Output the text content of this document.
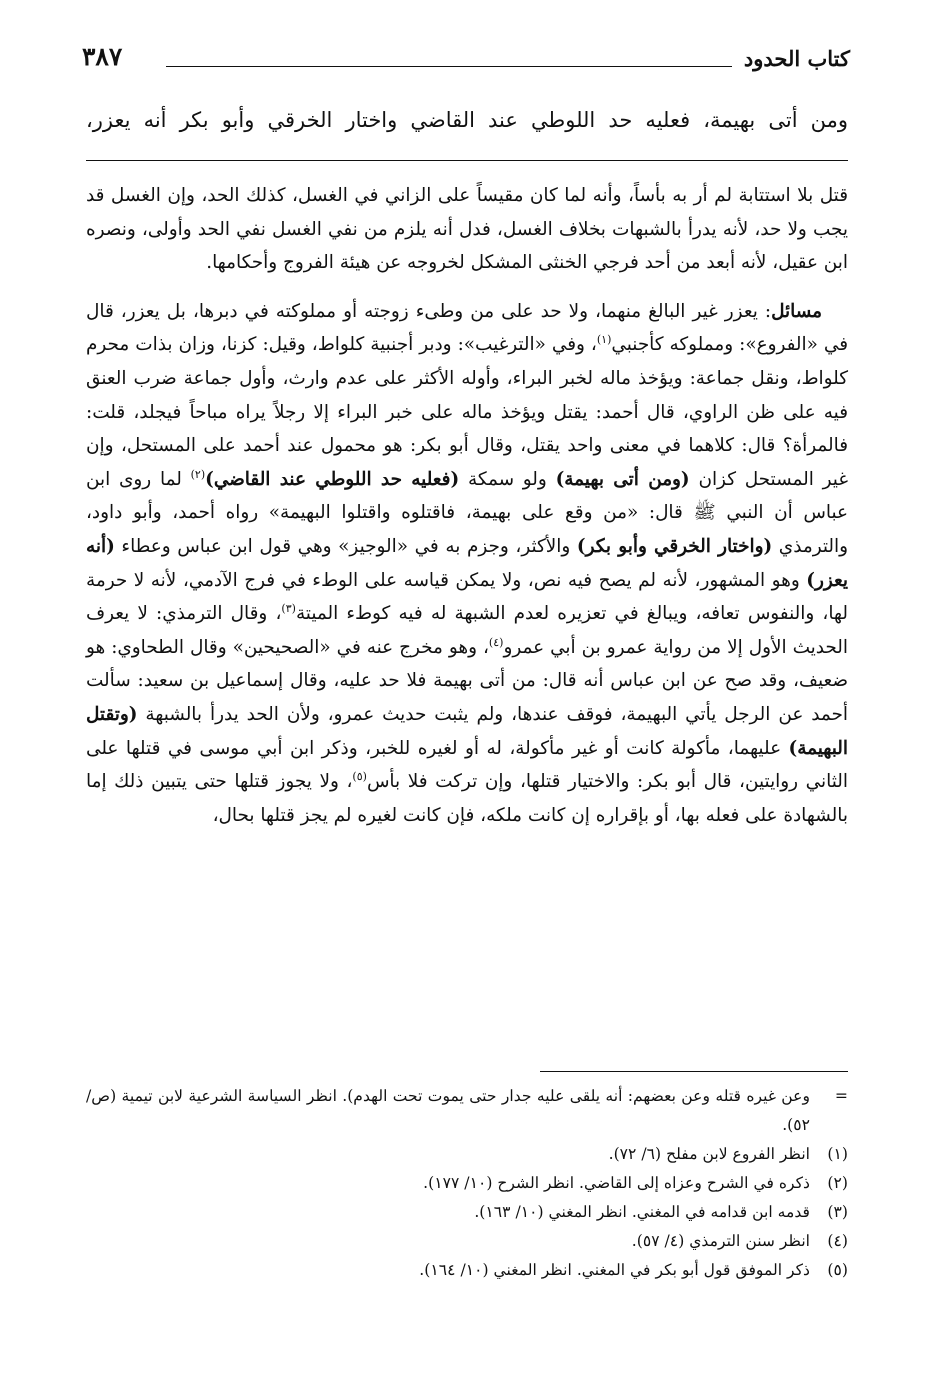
كتاب الحدود
٣٨٧
ومن أتى بهيمة، فعليه حد اللوطي عند القاضي واختار الخرقي وأبو بكر أنه يعزر،

قتل بلا استتابة لم أر به بأساً، وأنه لما كان مقيساً على الزاني في الغسل، كذلك الحد، وإن الغسل قد يجب ولا حد، لأنه يدرأ بالشبهات بخلاف الغسل، فدل أنه يلزم من نفي الغسل نفي الحد وأولى، ونصره ابن عقيل، لأنه أبعد من أحد فرجي الخنثى المشكل لخروجه عن هيئة الفروج وأحكامها.

مسائل: يعزر غير البالغ منهما، ولا حد على من وطىء زوجته أو مملوكته في دبرها، بل يعزر، قال في «الفروع»: ومملوكه كأجنبي$^{(١)}$، وفي «الترغيب»: ودبر أجنبية كلواط، وقيل: كزنا، وزان بذات محرم كلواط، ونقل جماعة: ويؤخذ ماله لخبر البراء، وأوله الأكثر على عدم وارث، وأول جماعة ضرب العنق فيه على ظن الراوي، قال أحمد: يقتل ويؤخذ ماله على خبر البراء إلا رجلاً يراه مباحاً فيجلد، قلت: فالمرأة؟ قال: كلاهما في معنى واحد يقتل، وقال أبو بكر: هو محمول عند أحمد على المستحل، وإن غير المستحل كزان (ومن أتى بهيمة) ولو سمكة (فعليه حد اللوطي عند القاضي)$^{(٢)}$ لما روى ابن عباس أن النبي ﷺ قال: «من وقع على بهيمة، فاقتلوه واقتلوا البهيمة» رواه أحمد، وأبو داود، والترمذي (واختار الخرقي وأبو بكر) والأكثر، وجزم به في «الوجيز» وهي قول ابن عباس وعطاء (أنه يعزر) وهو المشهور، لأنه لم يصح فيه نص، ولا يمكن قياسه على الوطء في فرج الآدمي، لأنه لا حرمة لها، والنفوس تعافه، ويبالغ في تعزيره لعدم الشبهة له فيه كوطء الميتة$^{(٣)}$، وقال الترمذي: لا يعرف الحديث الأول إلا من رواية عمرو بن أبي عمرو$^{(٤)}$، وهو مخرج عنه في «الصحيحين» وقال الطحاوي: هو ضعيف، وقد صح عن ابن عباس أنه قال: من أتى بهيمة فلا حد عليه، وقال إسماعيل بن سعيد: سألت أحمد عن الرجل يأتي البهيمة، فوقف عندها، ولم يثبت حديث عمرو، ولأن الحد يدرأ بالشبهة (وتقتل البهيمة) عليهما، مأكولة كانت أو غير مأكولة، له أو لغيره للخبر، وذكر ابن أبي موسى في قتلها على الثاني روايتين، قال أبو بكر: والاختيار قتلها، وإن تركت فلا بأس$^{(٥)}$، ولا يجوز قتلها حتى يتبين ذلك إما بالشهادة على فعله بها، أو بإقراره إن كانت ملكه، فإن كانت لغيره لم يجز قتلها بحال،

=
وعن غيره قتله وعن بعضهم: أنه يلقى عليه جدار حتى يموت تحت الهدم). انظر السياسة الشرعية لابن تيمية (ص/ ٥٢).
(١)
انظر الفروع لابن مفلح (٦/ ٧٢).
(٢)
ذكره في الشرح وعزاه إلى القاضي. انظر الشرح (١٠/ ١٧٧).
(٣)
قدمه ابن قدامه في المغني. انظر المغني (١٠/ ١٦٣).
(٤)
انظر سنن الترمذي (٤/ ٥٧).
(٥)
ذكر الموفق قول أبو بكر في المغني. انظر المغني (١٠/ ١٦٤).
